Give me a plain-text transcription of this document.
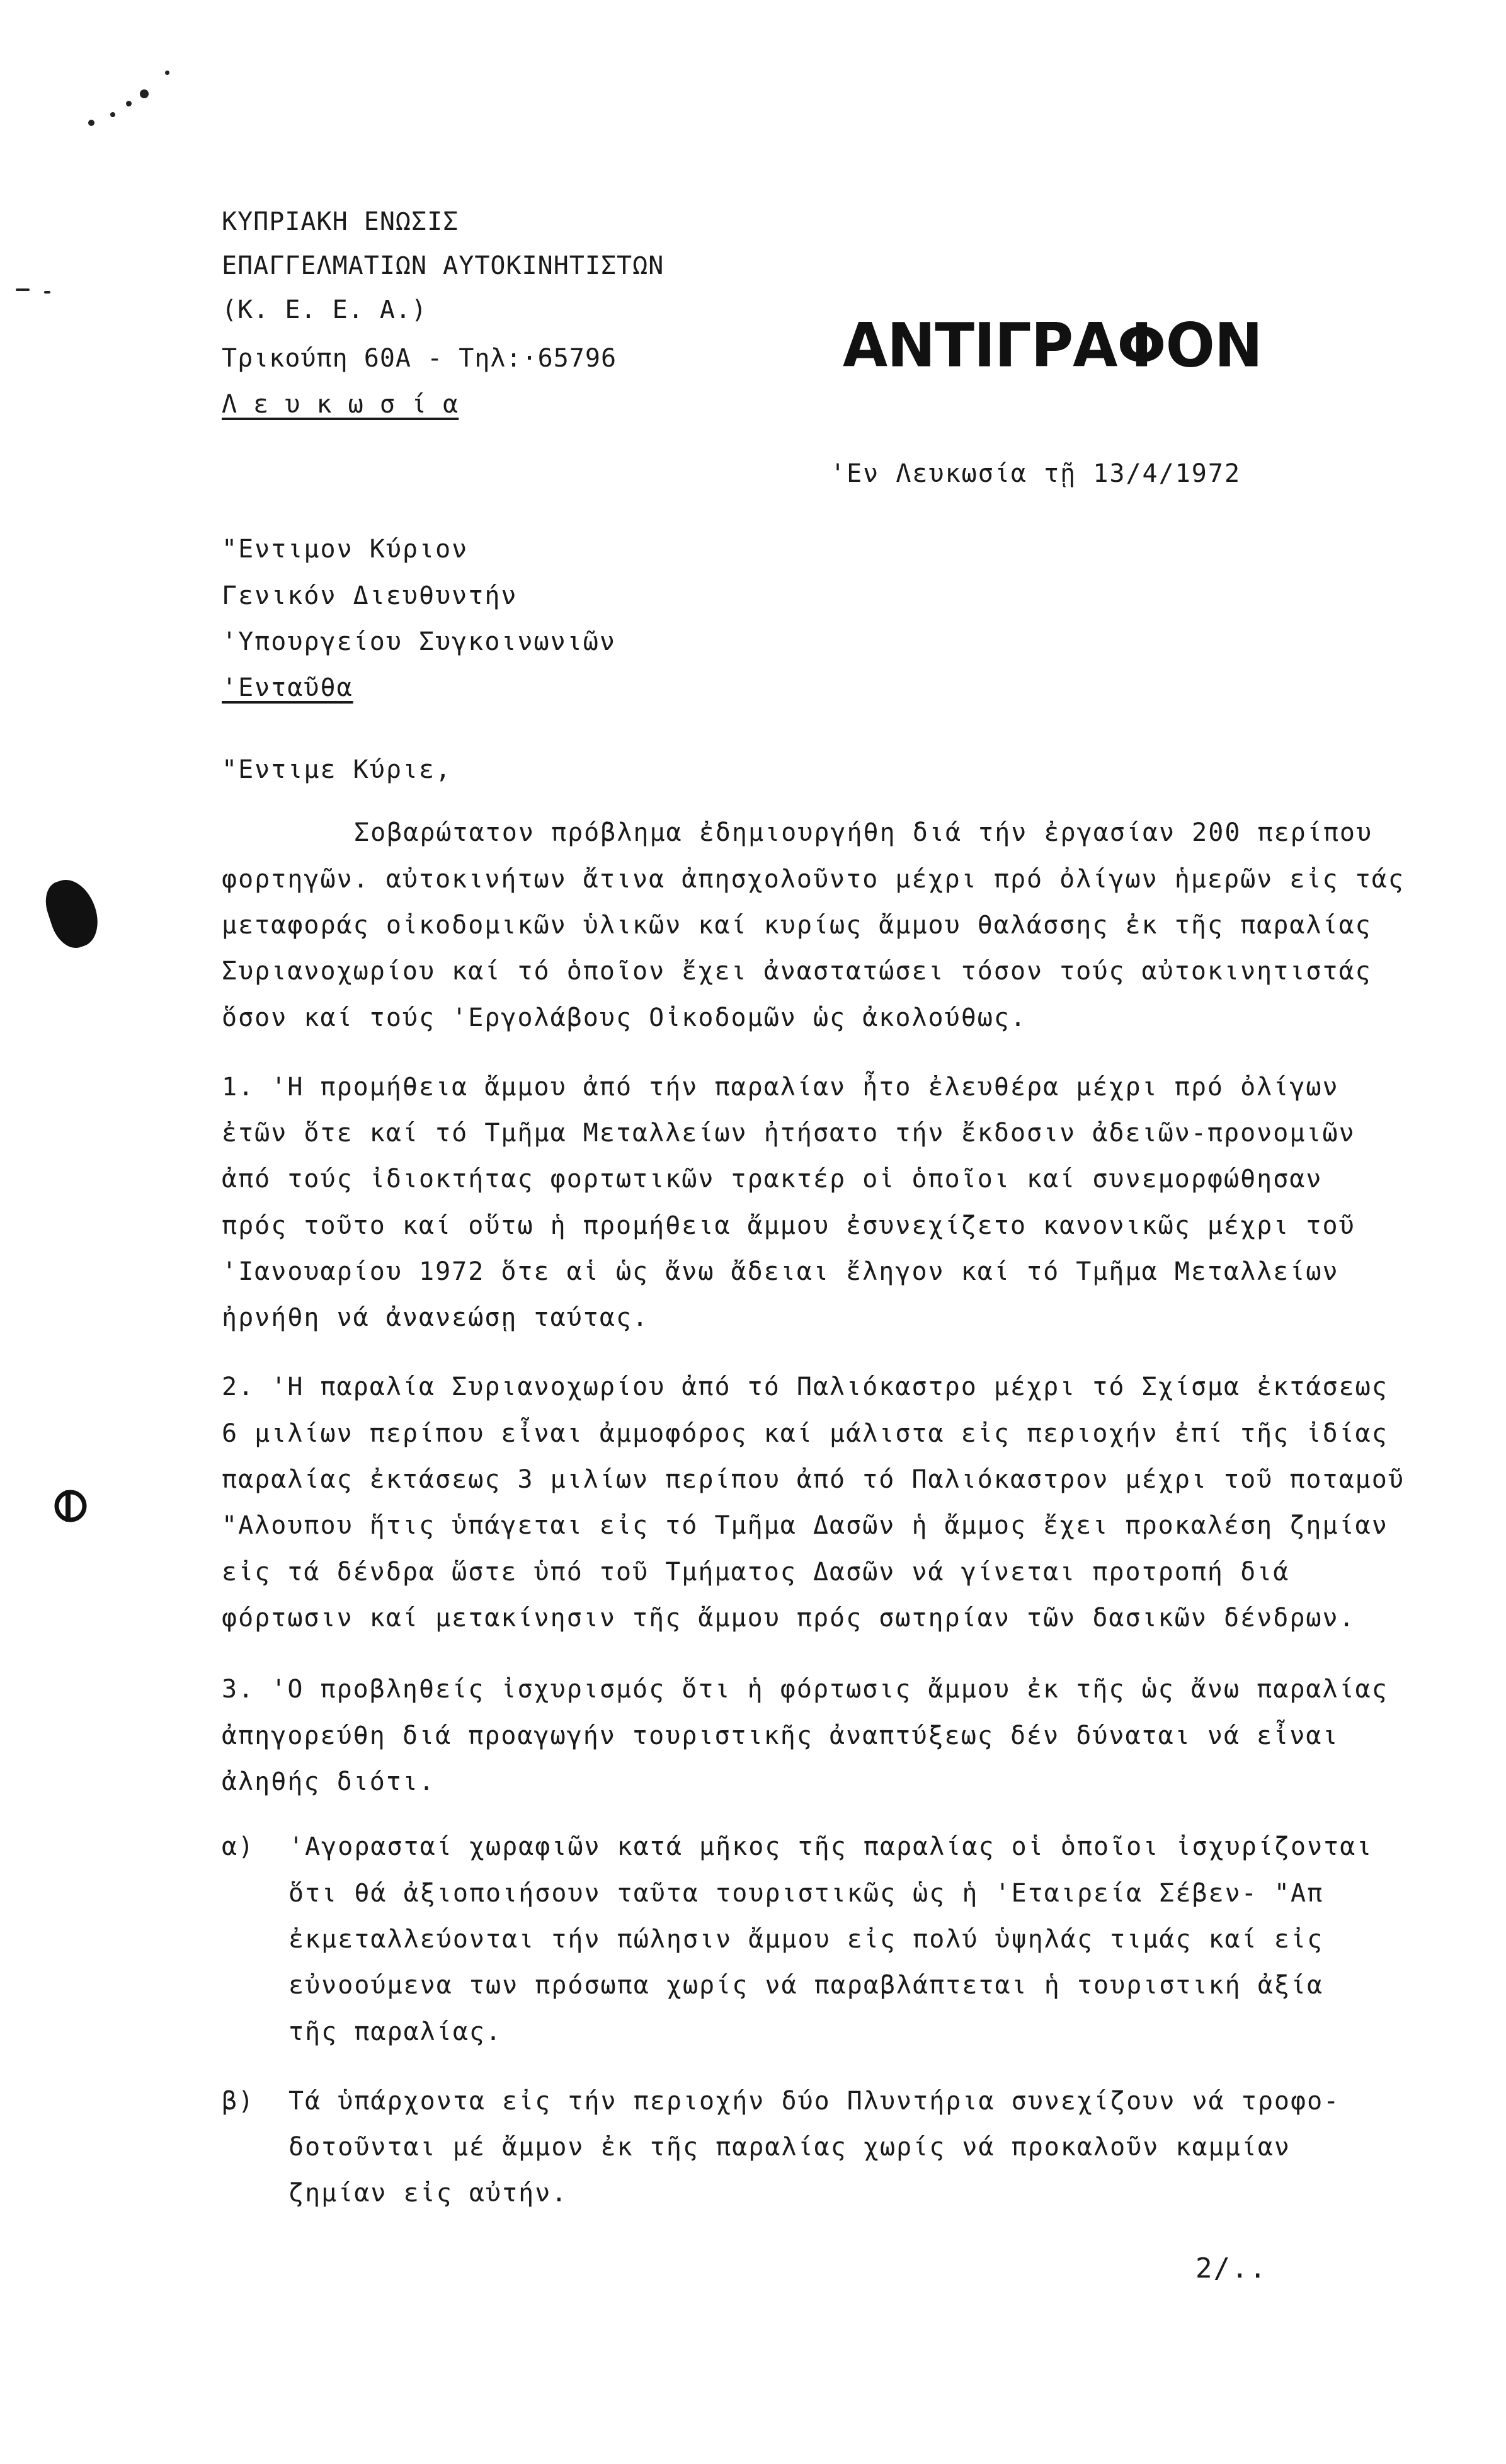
ΚΥΠΡΙΑΚΗ ΕΝΩΣΙΣ
ΕΠΑΓΓΕΛΜΑΤΙΩΝ ΑΥΤΟΚΙΝΗΤΙΣΤΩΝ
(Κ. Ε. Ε. Α.)
Τρικούπη 60Α - Τηλ:·65796
Λ ε υ κ ω σ ί α
ΑΝΤΙΓΡΑΦΟΝ
'Εν Λευκωσία τῇ 13/4/1972
"Εντιμον Κύριον
Γενικόν Διευθυντήν
'Υπουργείου Συγκοινωνιῶν
'Ενταῦθα
"Εντιμε Κύριε,
Σοβαρώτατον πρόβλημα ἐδημιουργήθη διά τήν ἐργασίαν 200 περίπου
φορτηγῶν. αὐτοκινήτων ἄτινα ἀπησχολοῦντο μέχρι πρό ὀλίγων ἡμερῶν εἰς τάς
μεταφοράς οἰκοδομικῶν ὑλικῶν καί κυρίως ἄμμου θαλάσσης ἐκ τῆς παραλίας
Συριανοχωρίου καί τό ὁποῖον ἔχει ἀναστατώσει τόσον τούς αὐτοκινητιστάς
ὅσον καί τούς 'Εργολάβους Οἰκοδομῶν ὡς ἀκολούθως.
1. 'Η προμήθεια ἄμμου ἀπό τήν παραλίαν ἦτο ἐλευθέρα μέχρι πρό ὀλίγων
ἐτῶν ὅτε καί τό Τμῆμα Μεταλλείων ἠτήσατο τήν ἔκδοσιν ἀδειῶν-προνομιῶν
ἀπό τούς ἰδιοκτήτας φορτωτικῶν τρακτέρ οἱ ὁποῖοι καί συνεμορφώθησαν
πρός τοῦτο καί οὕτω ἡ προμήθεια ἄμμου ἐσυνεχίζετο κανονικῶς μέχρι τοῦ
'Ιανουαρίου 1972 ὅτε αἱ ὡς ἄνω ἄδειαι ἔληγον καί τό Τμῆμα Μεταλλείων
ἠρνήθη νά ἀνανεώσῃ ταύτας.
2. 'Η παραλία Συριανοχωρίου ἀπό τό Παλιόκαστρο μέχρι τό Σχίσμα ἐκτάσεως
6 μιλίων περίπου εἶναι ἀμμοφόρος καί μάλιστα εἰς περιοχήν ἐπί τῆς ἰδίας
παραλίας ἐκτάσεως 3 μιλίων περίπου ἀπό τό Παλιόκαστρον μέχρι τοῦ ποταμοῦ
"Αλουπου ἥτις ὑπάγεται εἰς τό Τμῆμα Δασῶν ἡ ἄμμος ἔχει προκαλέση ζημίαν
εἰς τά δένδρα ὥστε ὑπό τοῦ Τμήματος Δασῶν νά γίνεται προτροπή διά
φόρτωσιν καί μετακίνησιν τῆς ἄμμου πρός σωτηρίαν τῶν δασικῶν δένδρων.
3. 'Ο προβληθείς ἰσχυρισμός ὅτι ἡ φόρτωσις ἄμμου ἐκ τῆς ὡς ἄνω παραλίας
ἀπηγορεύθη διά προαγωγήν τουριστικῆς ἀναπτύξεως δέν δύναται νά εἶναι
ἀληθής διότι.
α) 'Αγορασταί χωραφιῶν κατά μῆκος τῆς παραλίας οἱ ὁποῖοι ἰσχυρίζονται
ὅτι θά ἀξιοποιήσουν ταῦτα τουριστικῶς ὡς ἡ 'Εταιρεία Σέβεν- "Απ
ἐκμεταλλεύονται τήν πώλησιν ἄμμου εἰς πολύ ὑψηλάς τιμάς καί εἰς
εὐνοούμενα των πρόσωπα χωρίς νά παραβλάπτεται ἡ τουριστική ἀξία
τῆς παραλίας.
β) Τά ὑπάρχοντα εἰς τήν περιοχήν δύο Πλυντήρια συνεχίζουν νά τροφο-
δοτοῦνται μέ ἄμμον ἐκ τῆς παραλίας χωρίς νά προκαλοῦν καμμίαν
ζημίαν εἰς αὐτήν.
2/..
